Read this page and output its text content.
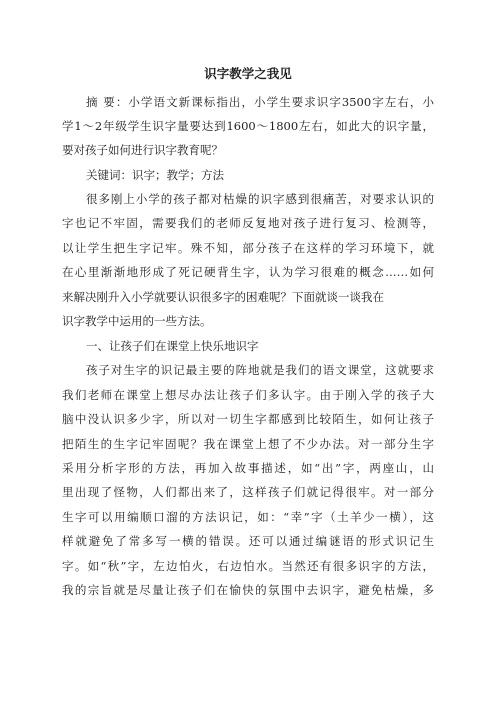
识字教学之我见
摘 要：小学语文新课标指出，小学生要求识字3500字左右，小
学1～2年级学生识字量要达到1600～1800左右，如此大的识字量，
要对孩子如何进行识字教育呢？
关键词：识字；教学；方法
很多刚上小学的孩子都对枯燥的识字感到很痛苦，对要求认识的
字也记不牢固，需要我们的老师反复地对孩子进行复习、检测等，
以让学生把生字记牢。殊不知，部分孩子在这样的学习环境下，就
在心里渐渐地形成了死记硬背生字，认为学习很难的概念……如何
来解决刚升入小学就要认识很多字的困难呢？下面就谈一谈我在
识字教学中运用的一些方法。
一、让孩子们在课堂上快乐地识字
孩子对生字的识记最主要的阵地就是我们的语文课堂，这就要求
我们老师在课堂上想尽办法让孩子们多认字。由于刚入学的孩子大
脑中没认识多少字，所以对一切生字都感到比较陌生，如何让孩子
把陌生的生字记牢固呢？我在课堂上想了不少办法。对一部分生字
采用分析字形的方法，再加入故事描述，如“出”字，两座山，山
里出现了怪物，人们都出来了，这样孩子们就记得很牢。对一部分
生字可以用编顺口溜的方法识记，如：“幸”字（土羊少一横），这
样就避免了常多写一横的错误。还可以通过编谜语的形式识记生
字。如“秋”字，左边怕火，右边怕水。当然还有很多识字的方法，
我的宗旨就是尽量让孩子们在愉快的氛围中去识字，避免枯燥，多
